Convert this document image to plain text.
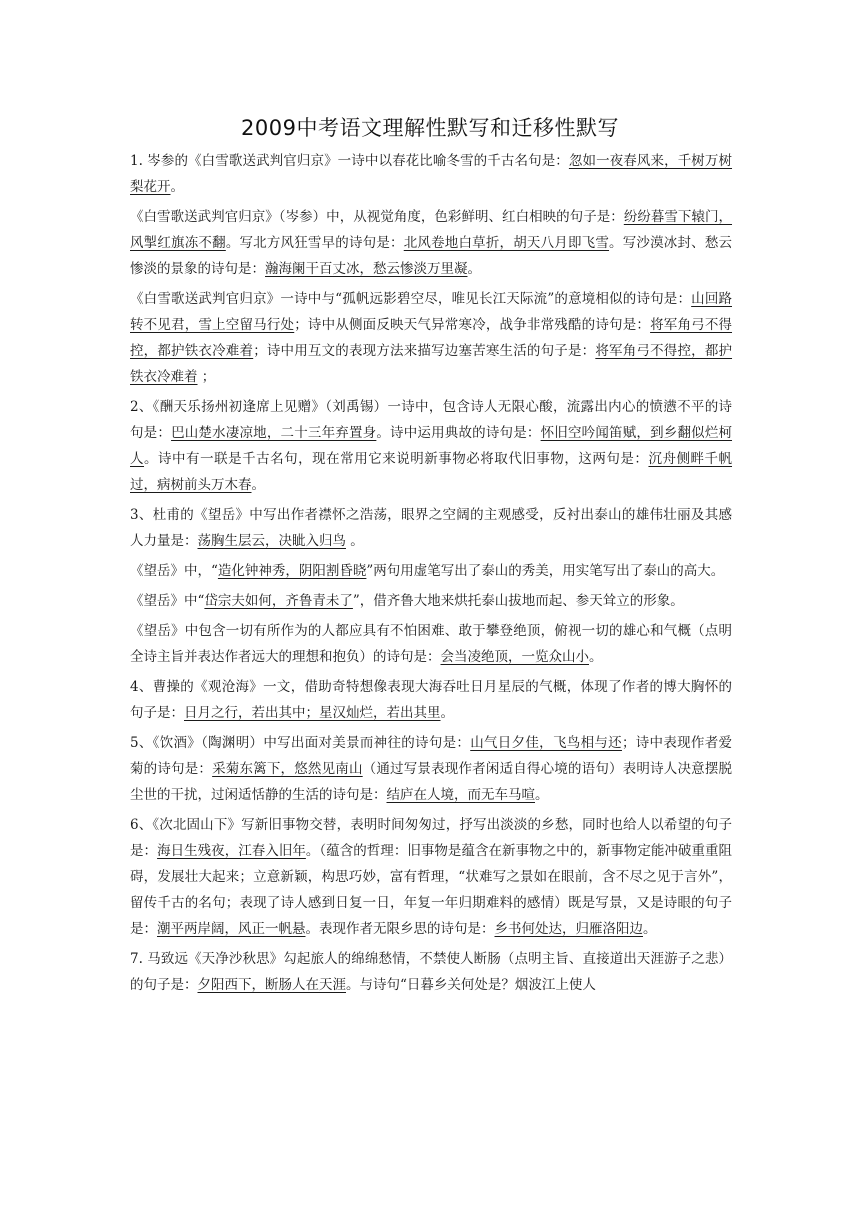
2009中考语文理解性默写和迁移性默写

1. 岑参的《白雪歌送武判官归京》一诗中以春花比喻冬雪的千古名句是：忽如一夜春风来，千树万树梨花开。

《白雪歌送武判官归京》（岑参）中，从视觉角度，色彩鲜明、红白相映的句子是：纷纷暮雪下辕门，风掣红旗冻不翻。写北方风狂雪早的诗句是：北风卷地白草折，胡天八月即飞雪。写沙漠冰封、愁云惨淡的景象的诗句是：瀚海阑干百丈冰，愁云惨淡万里凝。

《白雪歌送武判官归京》一诗中与“孤帆远影碧空尽，唯见长江天际流”的意境相似的诗句是：山回路转不见君，雪上空留马行处；诗中从侧面反映天气异常寒冷，战争非常残酷的诗句是：将军角弓不得控，都护铁衣冷难着；诗中用互文的表现方法来描写边塞苦寒生活的句子是：将军角弓不得控，都护铁衣冷难着 ；

2、《酬天乐扬州初逢席上见赠》（刘禹锡）一诗中，包含诗人无限心酸，流露出内心的愤懑不平的诗句是：巴山楚水凄凉地，二十三年弃置身。诗中运用典故的诗句是：怀旧空吟闻笛赋，到乡翻似烂柯人。诗中有一联是千古名句，现在常用它来说明新事物必将取代旧事物，这两句是：沉舟侧畔千帆过，病树前头万木春。

3、杜甫的《望岳》中写出作者襟怀之浩荡，眼界之空阔的主观感受，反衬出泰山的雄伟壮丽及其感人力量是：荡胸生层云，决眦入归鸟 。

《望岳》中，“造化钟神秀，阴阳割昏晓”两句用虚笔写出了泰山的秀美，用实笔写出了泰山的高大。

《望岳》中“岱宗夫如何，齐鲁青未了”，借齐鲁大地来烘托泰山拔地而起、参天耸立的形象。

《望岳》中包含一切有所作为的人都应具有不怕困难、敢于攀登绝顶，俯视一切的雄心和气概（点明全诗主旨并表达作者远大的理想和抱负）的诗句是：会当凌绝顶，一览众山小。

4、曹操的《观沧海》一文，借助奇特想像表现大海吞吐日月星辰的气概，体现了作者的博大胸怀的句子是：日月之行，若出其中；星汉灿烂，若出其里。

5、《饮酒》（陶渊明）中写出面对美景而神往的诗句是：山气日夕佳，飞鸟相与还；诗中表现作者爱菊的诗句是：采菊东篱下，悠然见南山（通过写景表现作者闲适自得心境的语句）表明诗人决意摆脱尘世的干扰，过闲适恬静的生活的诗句是：结庐在人境，而无车马喧。

6、《次北固山下》写新旧事物交替，表明时间匆匆过，抒写出淡淡的乡愁，同时也给人以希望的句子是：海日生残夜，江春入旧年。（蕴含的哲理：旧事物是蕴含在新事物之中的，新事物定能冲破重重阻碍，发展壮大起来；立意新颖，构思巧妙，富有哲理，“状难写之景如在眼前，含不尽之见于言外”，留传千古的名句；表现了诗人感到日复一日，年复一年归期难料的感情）既是写景，又是诗眼的句子是：潮平两岸阔，风正一帆悬。表现作者无限乡思的诗句是：乡书何处达，归雁洛阳边。

7. 马致远《天净沙秋思》勾起旅人的绵绵愁情，不禁使人断肠（点明主旨、直接道出天涯游子之悲）的句子是：夕阳西下，断肠人在天涯。与诗句“日暮乡关何处是？烟波江上使人
